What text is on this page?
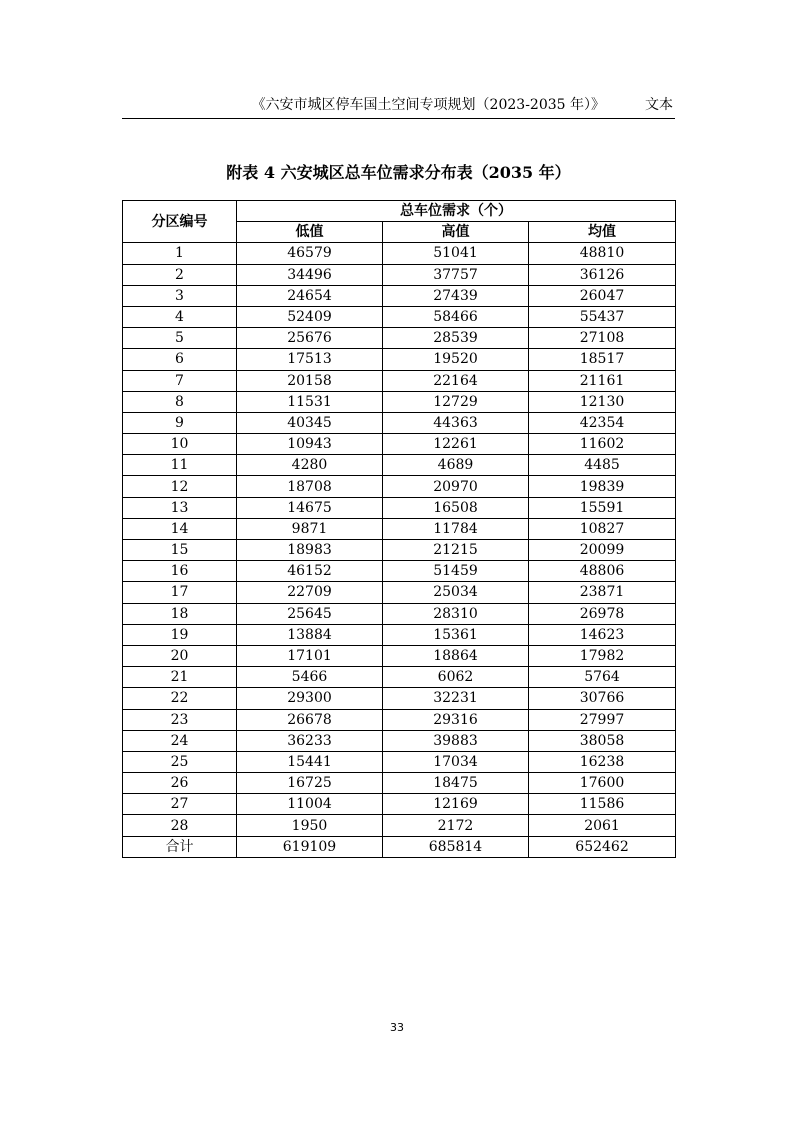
《六安市城区停车国土空间专项规划（2023-2035 年）》	文本
附表 4 六安城区总车位需求分布表（2035 年）
分区编号	总车位需求（个）		
	低值	高值	均值
1	46579	51041	48810
2	34496	37757	36126
3	24654	27439	26047
4	52409	58466	55437
5	25676	28539	27108
6	17513	19520	18517
7	20158	22164	21161
8	11531	12729	12130
9	40345	44363	42354
10	10943	12261	11602
11	4280	4689	4485
12	18708	20970	19839
13	14675	16508	15591
14	9871	11784	10827
15	18983	21215	20099
16	46152	51459	48806
17	22709	25034	23871
18	25645	28310	26978
19	13884	15361	14623
20	17101	18864	17982
21	5466	6062	5764
22	29300	32231	30766
23	26678	29316	27997
24	36233	39883	38058
25	15441	17034	16238
26	16725	18475	17600
27	11004	12169	11586
28	1950	2172	2061
合计	619109	685814	652462
33
